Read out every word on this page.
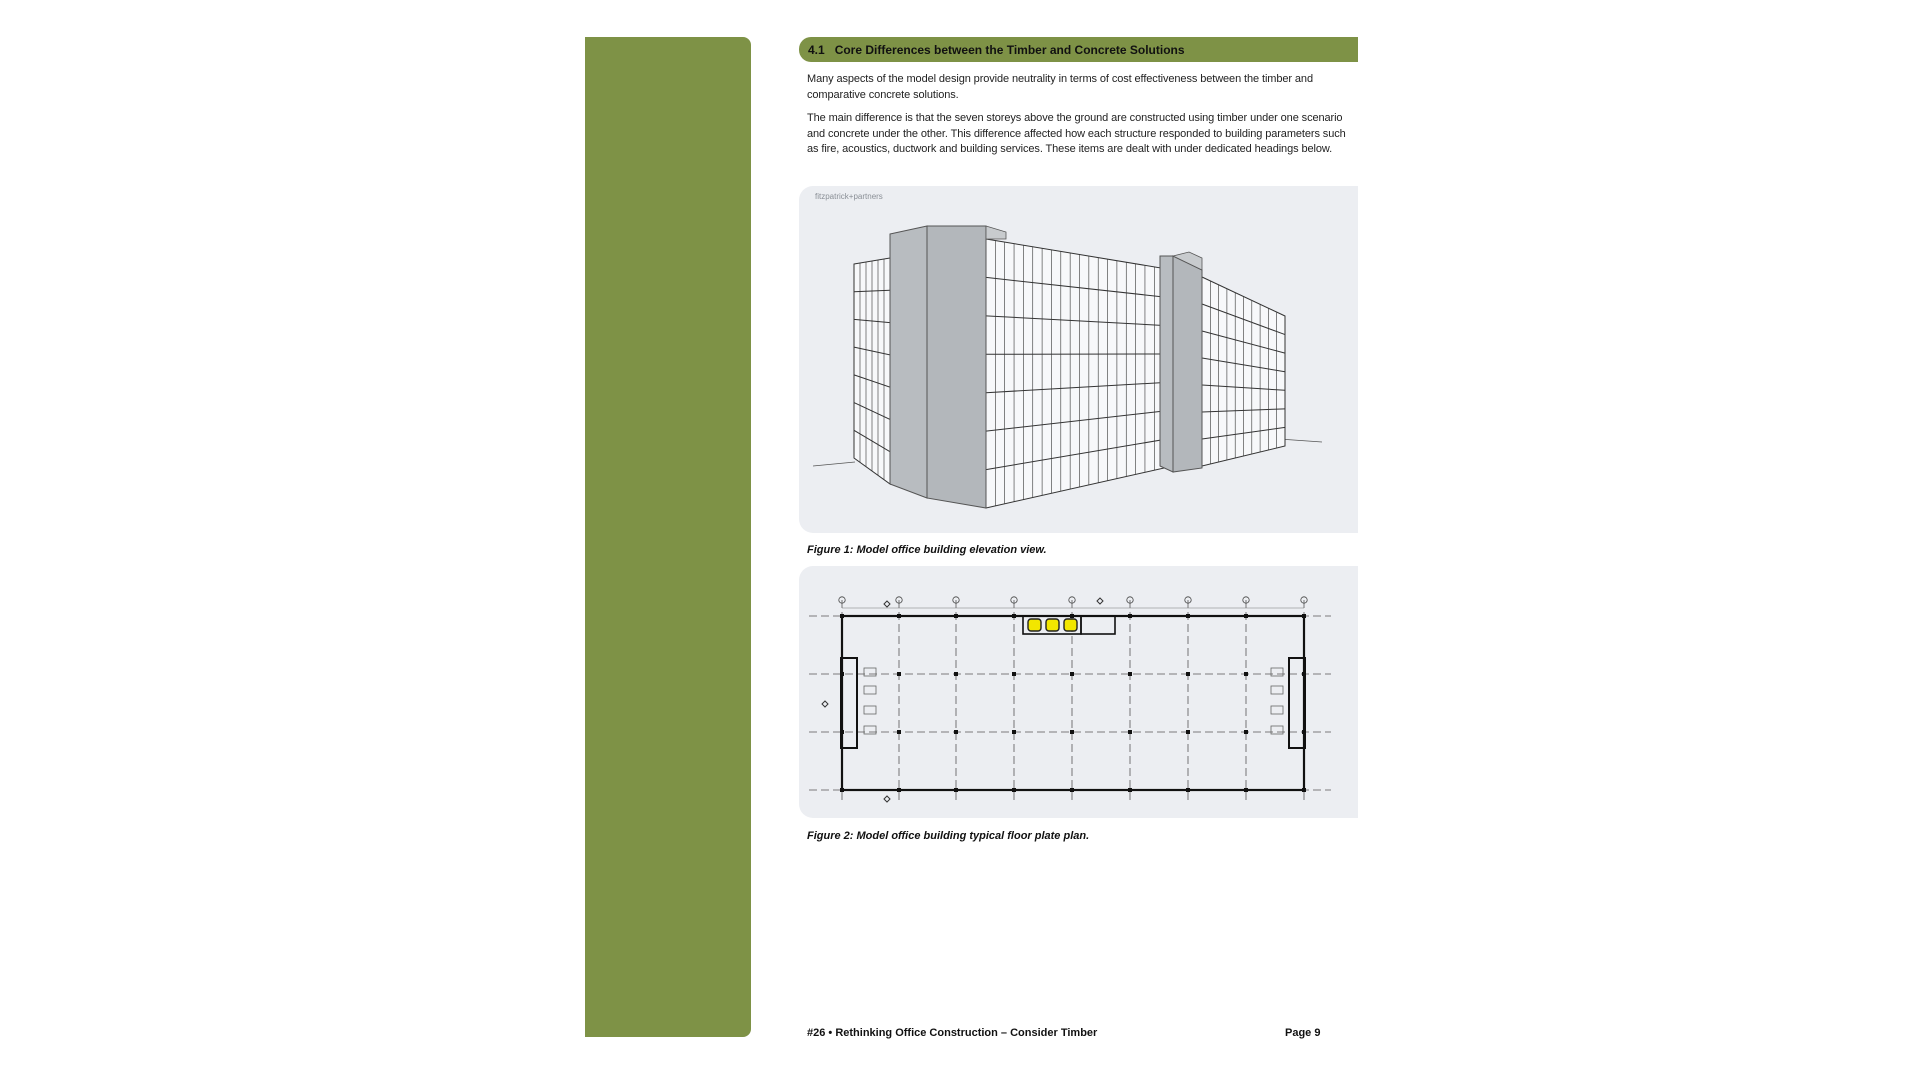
4.1 Core Differences between the Timber and Concrete Solutions

Many aspects of the model design provide neutrality in terms of cost effectiveness between the timber and comparative concrete solutions.

The main difference is that the seven storeys above the ground are constructed using timber under one scenario and concrete under the other. This difference affected how each structure responded to building parameters such as fire, acoustics, ductwork and building services. These items are dealt with under dedicated headings below.

fitzpatrick+partners
Figure 1: Model office building elevation view.
Figure 2: Model office building typical floor plate plan.
#26 • Rethinking Office Construction – Consider Timber	Page 9
